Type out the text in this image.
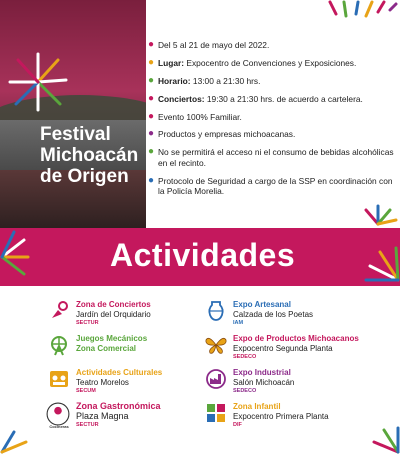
Festival Michoacán de Origen
● Del 5 al 21 de mayo del 2022.
● Lugar: Expocentro de Convenciones y Exposiciones.
● Horario: 13:00 a 21:30 hrs.
● Conciertos: 19:30 a 21:30 hrs. de acuerdo a cartelera.
● Evento 100% Familiar.
● Productos y empresas michoacanas.
● No se permitirá el acceso ni el consumo de bebidas alcohólicas en el recinto.
● Protocolo de Seguridad a cargo de la SSP en coordinación con la Policía Morelia.
Actividades
Zona de Conciertos
Jardín del Orquidario
SECTUR
Juegos Mecánicos
Zona Comercial
Actividades Culturales
Teatro Morelos
SECUM
Cocineras
Zona Gastronómica
Plaza Magna
SECTUR
Expo Artesanal
Calzada de los Poetas
IAM
Expo de Productos Michoacanos
Expocentro Segunda Planta
SEDECO
Expo Industrial
Salón Michoacán
SEDECO
Zona Infantil
Expocentro Primera Planta
DIF
